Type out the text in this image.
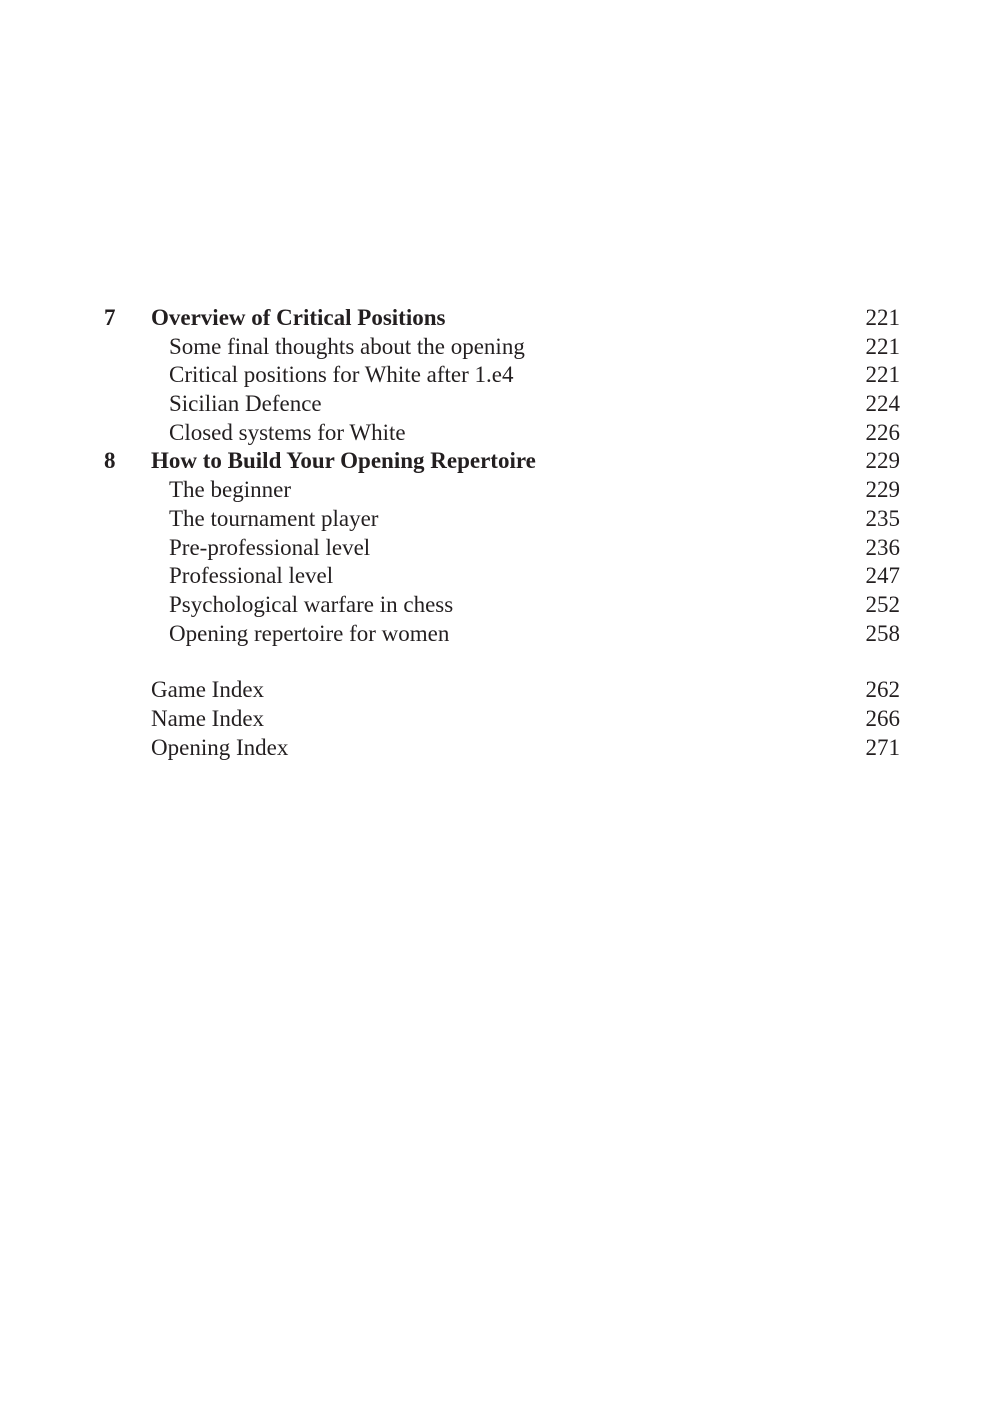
7 Overview of Critical Positions	221
Some final thoughts about the opening	221
Critical positions for White after 1.e4	221
Sicilian Defence	224
Closed systems for White	226
8 How to Build Your Opening Repertoire	229
The beginner	229
The tournament player	235
Pre-professional level	236
Professional level	247
Psychological warfare in chess	252
Opening repertoire for women	258
Game Index	262
Name Index	266
Opening Index	271
